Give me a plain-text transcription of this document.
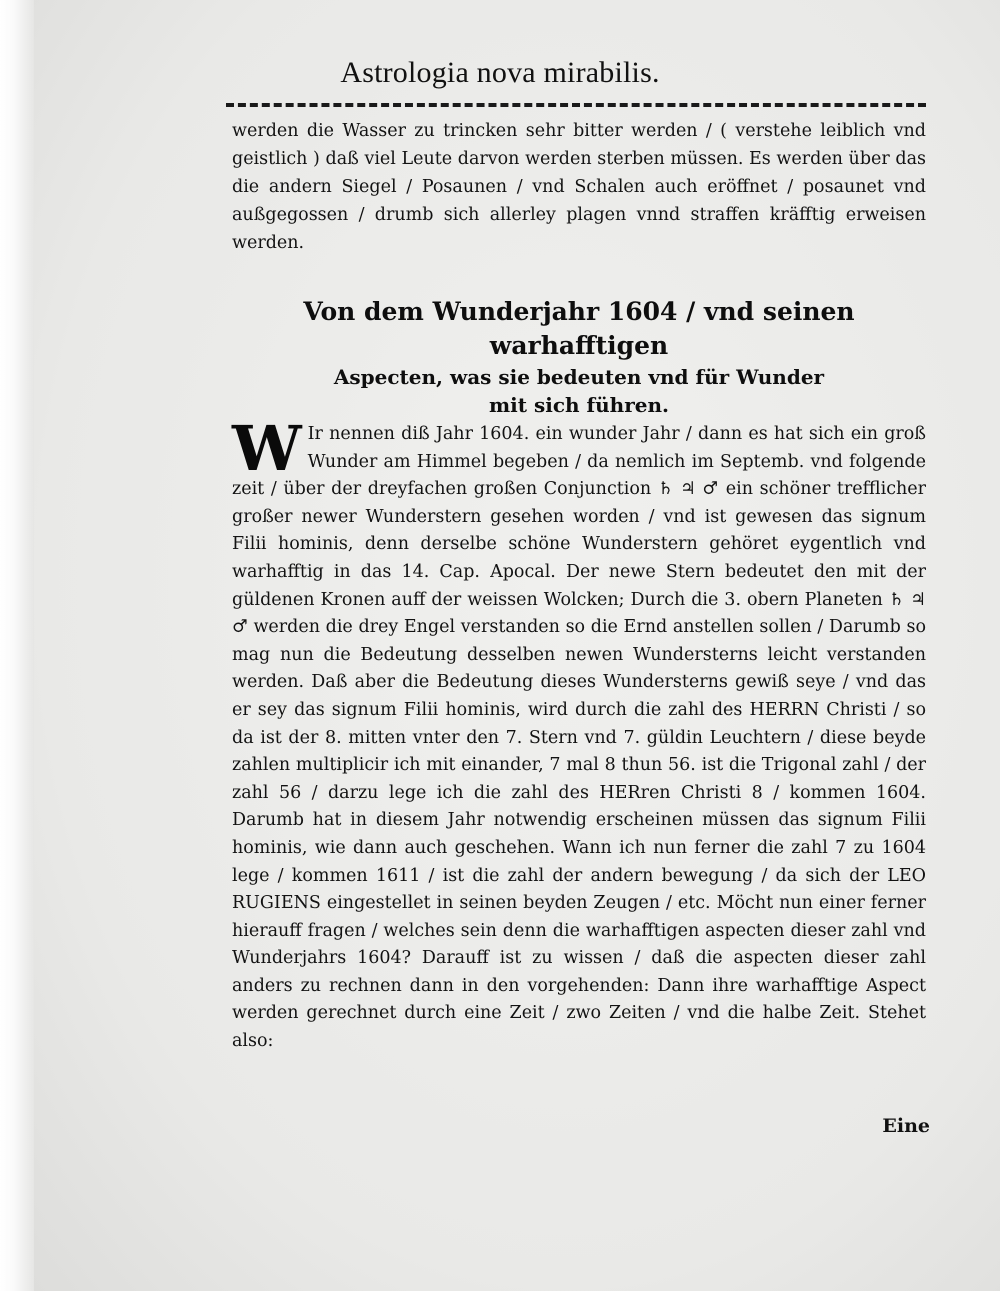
Astrologia nova mirabilis.

werden die Wasser zu trincken sehr bitter werden / ( verstehe leiblich vnd geistlich ) daß viel Leute darvon werden sterben müssen. Es werden über das die andern Siegel / Posaunen / vnd Schalen auch eröffnet / posaunet vnd außgegossen / drumb sich allerley plagen vnnd straffen kräfftig erweisen werden.

Von dem Wunderjahr 1604 / vnd seinen warhafftigen
Aspecten, was sie bedeuten vnd für Wunder
mit sich führen.

W Ir nennen diß Jahr 1604. ein wunder Jahr / dann es hat sich ein groß Wunder am Himmel begeben / da nemlich im Septemb. vnd folgende zeit / über der dreyfachen großen Conjunction ♄ ♃ ♂ ein schöner trefflicher großer newer Wunderstern gesehen worden / vnd ist gewesen das signum Filii hominis, denn derselbe schöne Wunderstern gehöret eygentlich vnd warhafftig in das 14. Cap. Apocal. Der newe Stern bedeutet den mit der güldenen Kronen auff der weissen Wolcken; Durch die 3. obern Planeten ♄ ♃ ♂ werden die drey Engel verstanden so die Ernd anstellen sollen / Darumb so mag nun die Bedeutung desselben newen Wundersterns leicht verstanden werden. Daß aber die Bedeutung dieses Wundersterns gewiß seye / vnd das er sey das signum Filii hominis, wird durch die zahl des HERRN Christi / so da ist der 8. mitten vnter den 7. Stern vnd 7. güldin Leuchtern / diese beyde zahlen multiplicir ich mit einander, 7 mal 8 thun 56. ist die Trigonal zahl / der zahl 56 / darzu lege ich die zahl des HERren Christi 8 / kommen 1604. Darumb hat in diesem Jahr notwendig erscheinen müssen das signum Filii hominis, wie dann auch geschehen. Wann ich nun ferner die zahl 7 zu 1604 lege / kommen 1611 / ist die zahl der andern bewegung / da sich der LEO RUGIENS eingestellet in seinen beyden Zeugen / etc. Möcht nun einer ferner hierauff fragen / welches sein denn die warhafftigen aspecten dieser zahl vnd Wunderjahrs 1604? Darauff ist zu wissen / daß die aspecten dieser zahl anders zu rechnen dann in den vorgehenden: Dann ihre warhafftige Aspect werden gerechnet durch eine Zeit / zwo Zeiten / vnd die halbe Zeit. Stehet also:

Eine
